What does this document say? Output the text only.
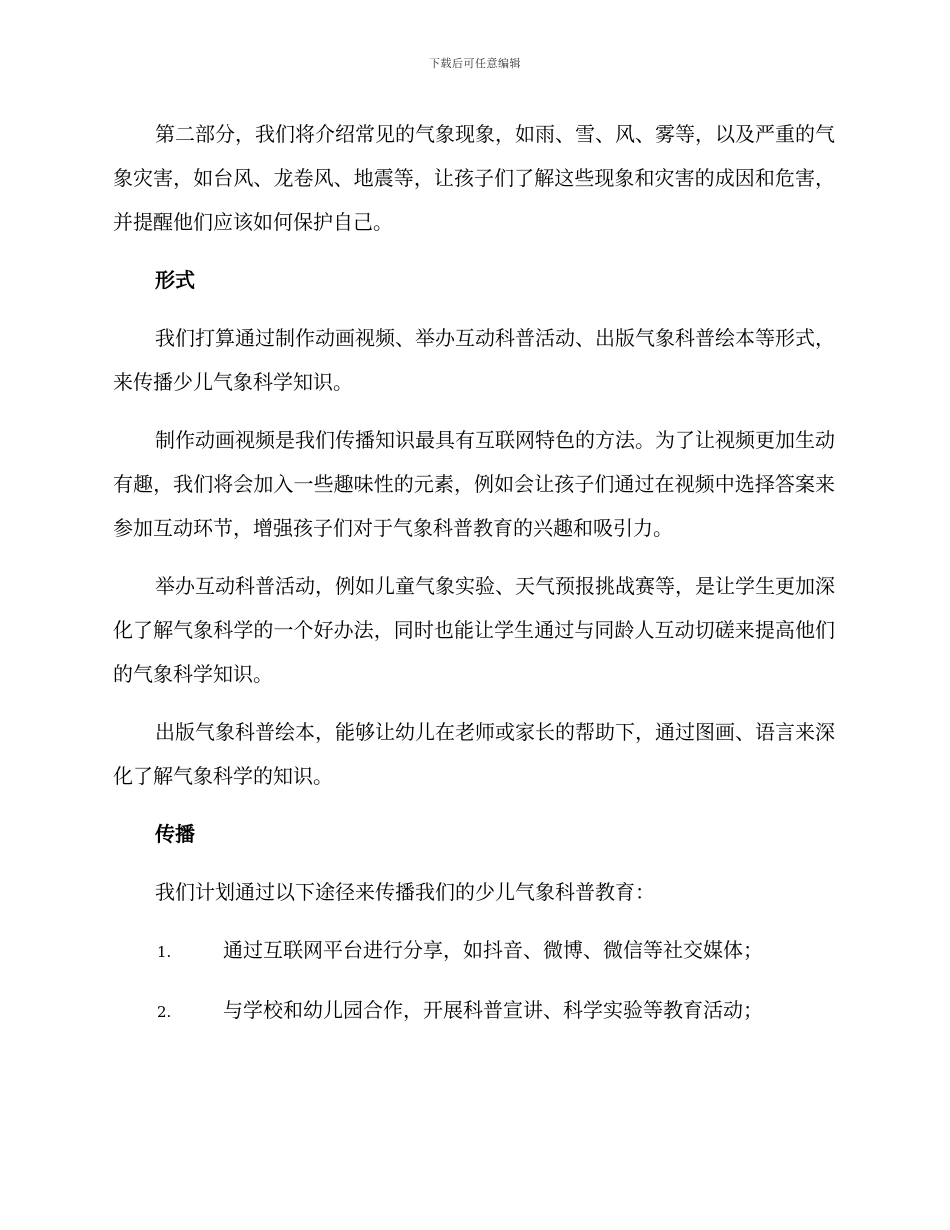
下载后可任意编辑

第二部分，我们将介绍常见的气象现象，如雨、雪、风、雾等，以及严重的气象灾害，如台风、龙卷风、地震等，让孩子们了解这些现象和灾害的成因和危害，并提醒他们应该如何保护自己。

形式

我们打算通过制作动画视频、举办互动科普活动、出版气象科普绘本等形式，来传播少儿气象科学知识。

制作动画视频是我们传播知识最具有互联网特色的方法。为了让视频更加生动有趣，我们将会加入一些趣味性的元素，例如会让孩子们通过在视频中选择答案来参加互动环节，增强孩子们对于气象科普教育的兴趣和吸引力。

举办互动科普活动，例如儿童气象实验、天气预报挑战赛等，是让学生更加深化了解气象科学的一个好办法，同时也能让学生通过与同龄人互动切磋来提高他们的气象科学知识。

出版气象科普绘本，能够让幼儿在老师或家长的帮助下，通过图画、语言来深化了解气象科学的知识。

传播

我们计划通过以下途径来传播我们的少儿气象科普教育：

1.	通过互联网平台进行分享，如抖音、微博、微信等社交媒体；
2.	与学校和幼儿园合作，开展科普宣讲、科学实验等教育活动；
